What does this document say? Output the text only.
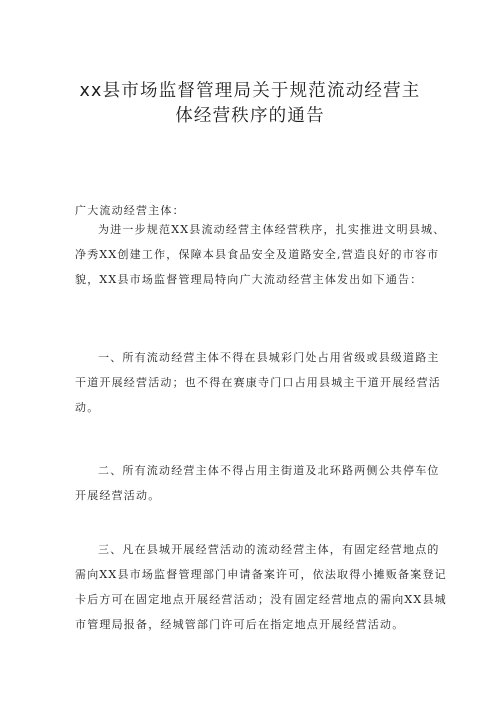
xx县市场监督管理局关于规范流动经营主
体经营秩序的通告
广大流动经营主体：
为进一步规范XX县流动经营主体经营秩序，扎实推进文明县城、
净秀XX创建工作，保障本县食品安全及道路安全,营造良好的市容市
貌，XX县市场监督管理局特向广大流动经营主体发出如下通告：
一、所有流动经营主体不得在县城彩门处占用省级或县级道路主
干道开展经营活动；也不得在赛康寺门口占用县城主干道开展经营活
动。
二、所有流动经营主体不得占用主街道及北环路两侧公共停车位
开展经营活动。
三、凡在县城开展经营活动的流动经营主体，有固定经营地点的
需向XX县市场监督管理部门申请备案许可，依法取得小摊贩备案登记
卡后方可在固定地点开展经营活动；没有固定经营地点的需向XX县城
市管理局报备，经城管部门许可后在指定地点开展经营活动。
